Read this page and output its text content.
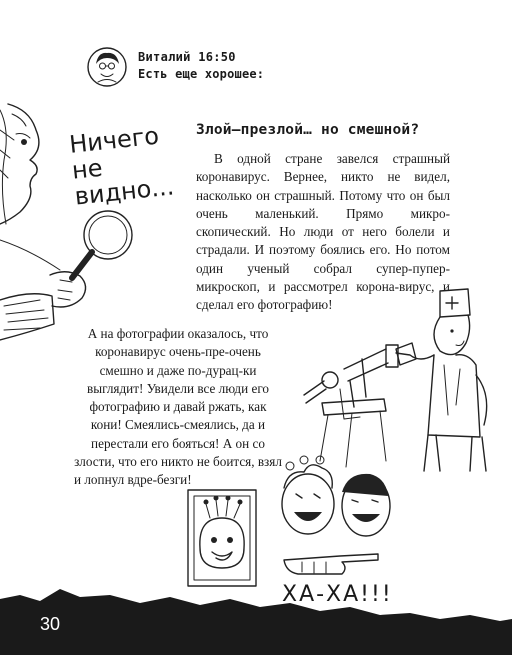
Виталий 16:50
Есть еще хорошее:
Ничего не видно...
Злой—презлой… но смешной?
В одной стране завелся страшный коронавирус. Вернее, никто не видел, насколько он страшный. Потому что он был очень маленький. Прямо микро-скопический. Но люди от него болели и страдали. И поэтому боялись его. Но потом один ученый собрал супер-пупер-микроскоп, и рассмотрел корона-вирус, и сделал его фотографию!
А на фотографии оказалось, что коронавирус очень-пре-очень смешно и даже по-дурац-ки выглядит! Увидели все люди его фотографию и давай ржать, как кони! Смеялись-смеялись, да и перестали его бояться! А он со злости, что его никто не боится, взял и лопнул вдре-безги!
ХА-ХА!!!
30
